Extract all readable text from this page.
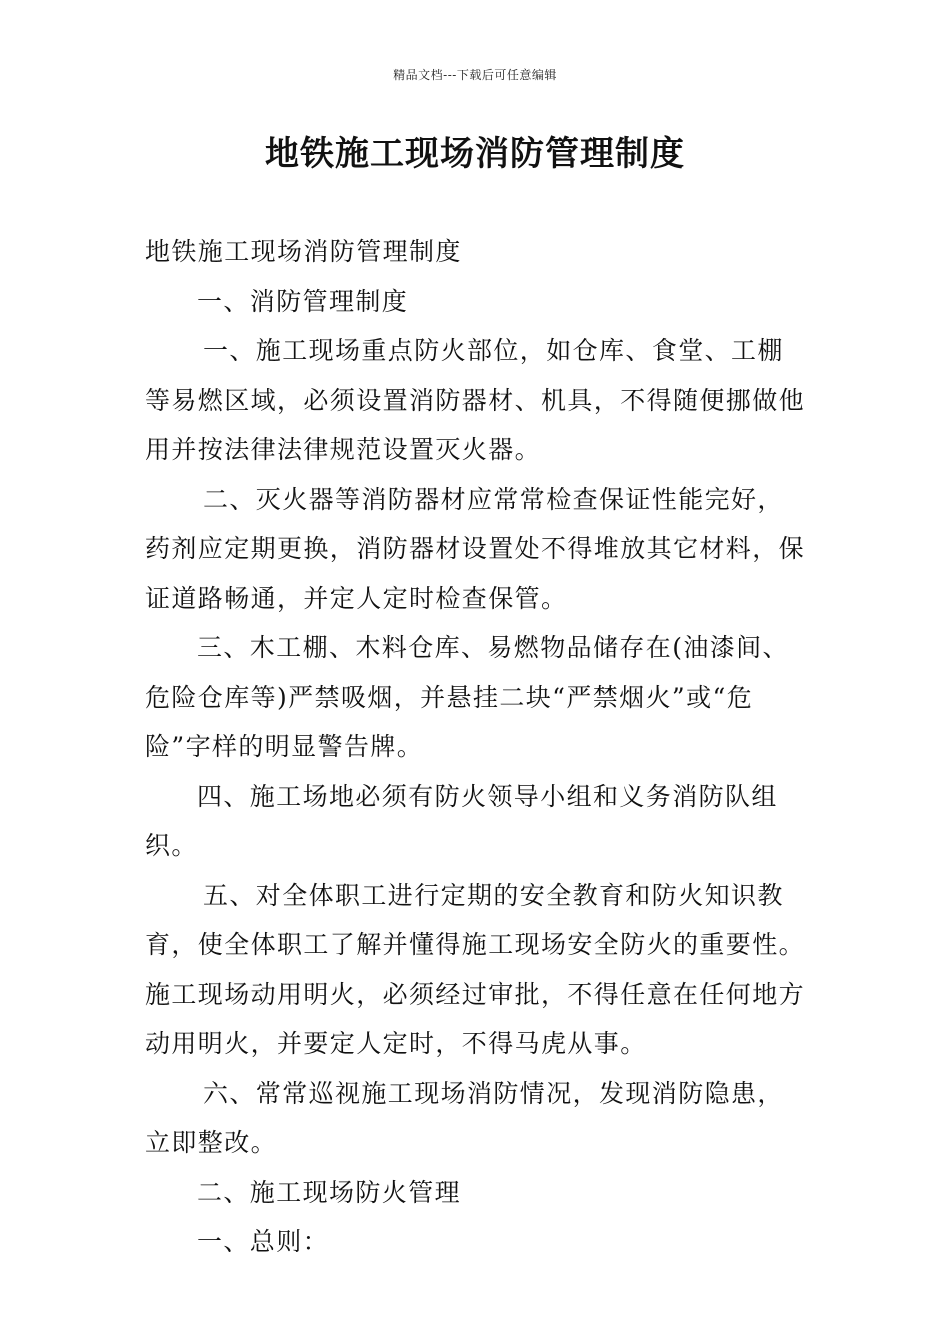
精品文档---下载后可任意编辑
地铁施工现场消防管理制度

地铁施工现场消防管理制度

一、消防管理制度

一、施工现场重点防火部位，如仓库、食堂、工棚等易燃区域，必须设置消防器材、机具，不得随便挪做他用并按法律法律规范设置灭火器。

二、灭火器等消防器材应常常检查保证性能完好，药剂应定期更换，消防器材设置处不得堆放其它材料，保证道路畅通，并定人定时检查保管。

三、木工棚、木料仓库、易燃物品储存在(油漆间、危险仓库等)严禁吸烟，并悬挂二块“严禁烟火”或“危险”字样的明显警告牌。

四、施工场地必须有防火领导小组和义务消防队组织。

五、对全体职工进行定期的安全教育和防火知识教育，使全体职工了解并懂得施工现场安全防火的重要性。施工现场动用明火，必须经过审批，不得任意在任何地方动用明火，并要定人定时，不得马虎从事。

六、常常巡视施工现场消防情况，发现消防隐患，立即整改。

二、施工现场防火管理

一、总则：
